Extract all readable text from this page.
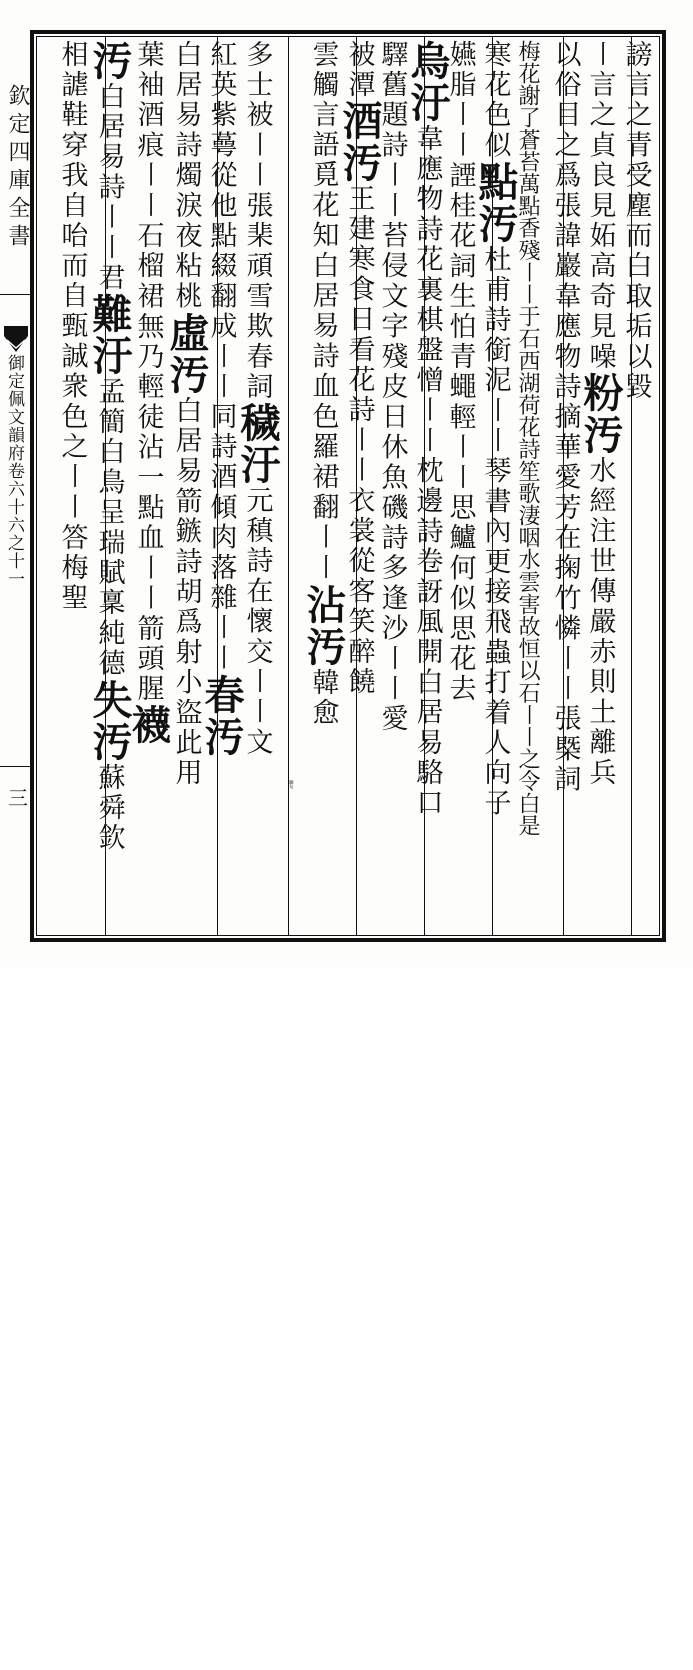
欽定四庫全書
御定佩文韻府卷六十六之十一
三
謗言之青受塵而白取垢以毀
〡言之貞良見妬高奇見噪
粉汚
水經注世傳嚴赤則土離兵
以俗目之爲張諱巖韋應物詩摘華愛芳在掬竹憐〡〡張槩詞
梅花謝了蒼苔萬點香殘〡〡于石西湖荷花詩笙歌淒咽水雲
害故恒以石〡〡之令白是
寒花色似
點汚
杜甫詩銜泥〡〡琴書內更接飛蟲打着人向子
嬿脂〡〡
諲桂花詞生怕青蠅輕〡〡思鱸何似思花去
烏汙
韋應物詩花裏棋盤憎〡〡枕邊詩卷訝風開白居易駱口
驛舊題詩〡〡苔侵文字殘皮日休魚磯詩多逢沙〡〡愛
被潭
酒汚
王建寒食日看花詩〡〡衣裳從客笑醉饒
雲觸
言語覓花知白居易詩血色羅裙翻〡〡
沾汚
韓愈
聯句
多士被〡〡張棐頑雪欺春詞
穢汙
元稹詩在懷交〡〡文
紅英紫蕚從他點綴翻成〡〡
同詩酒傾肉落雜〡〡
春汚
白居易詩燭淚夜粘桃
虛汚
白居易箭鏃詩胡爲射小盜此用
葉袖酒痕〡〡石榴裙
無乃輕徒沾一點血〡〡箭頭腥
襪
汚
白居易詩〡〡君
難汙
孟簡白鳥呈瑞賦稟純德
失汚
蘇舜欽
相謔鞋穿我自咍
而自甄誠衆色之〡〡
答梅聖
